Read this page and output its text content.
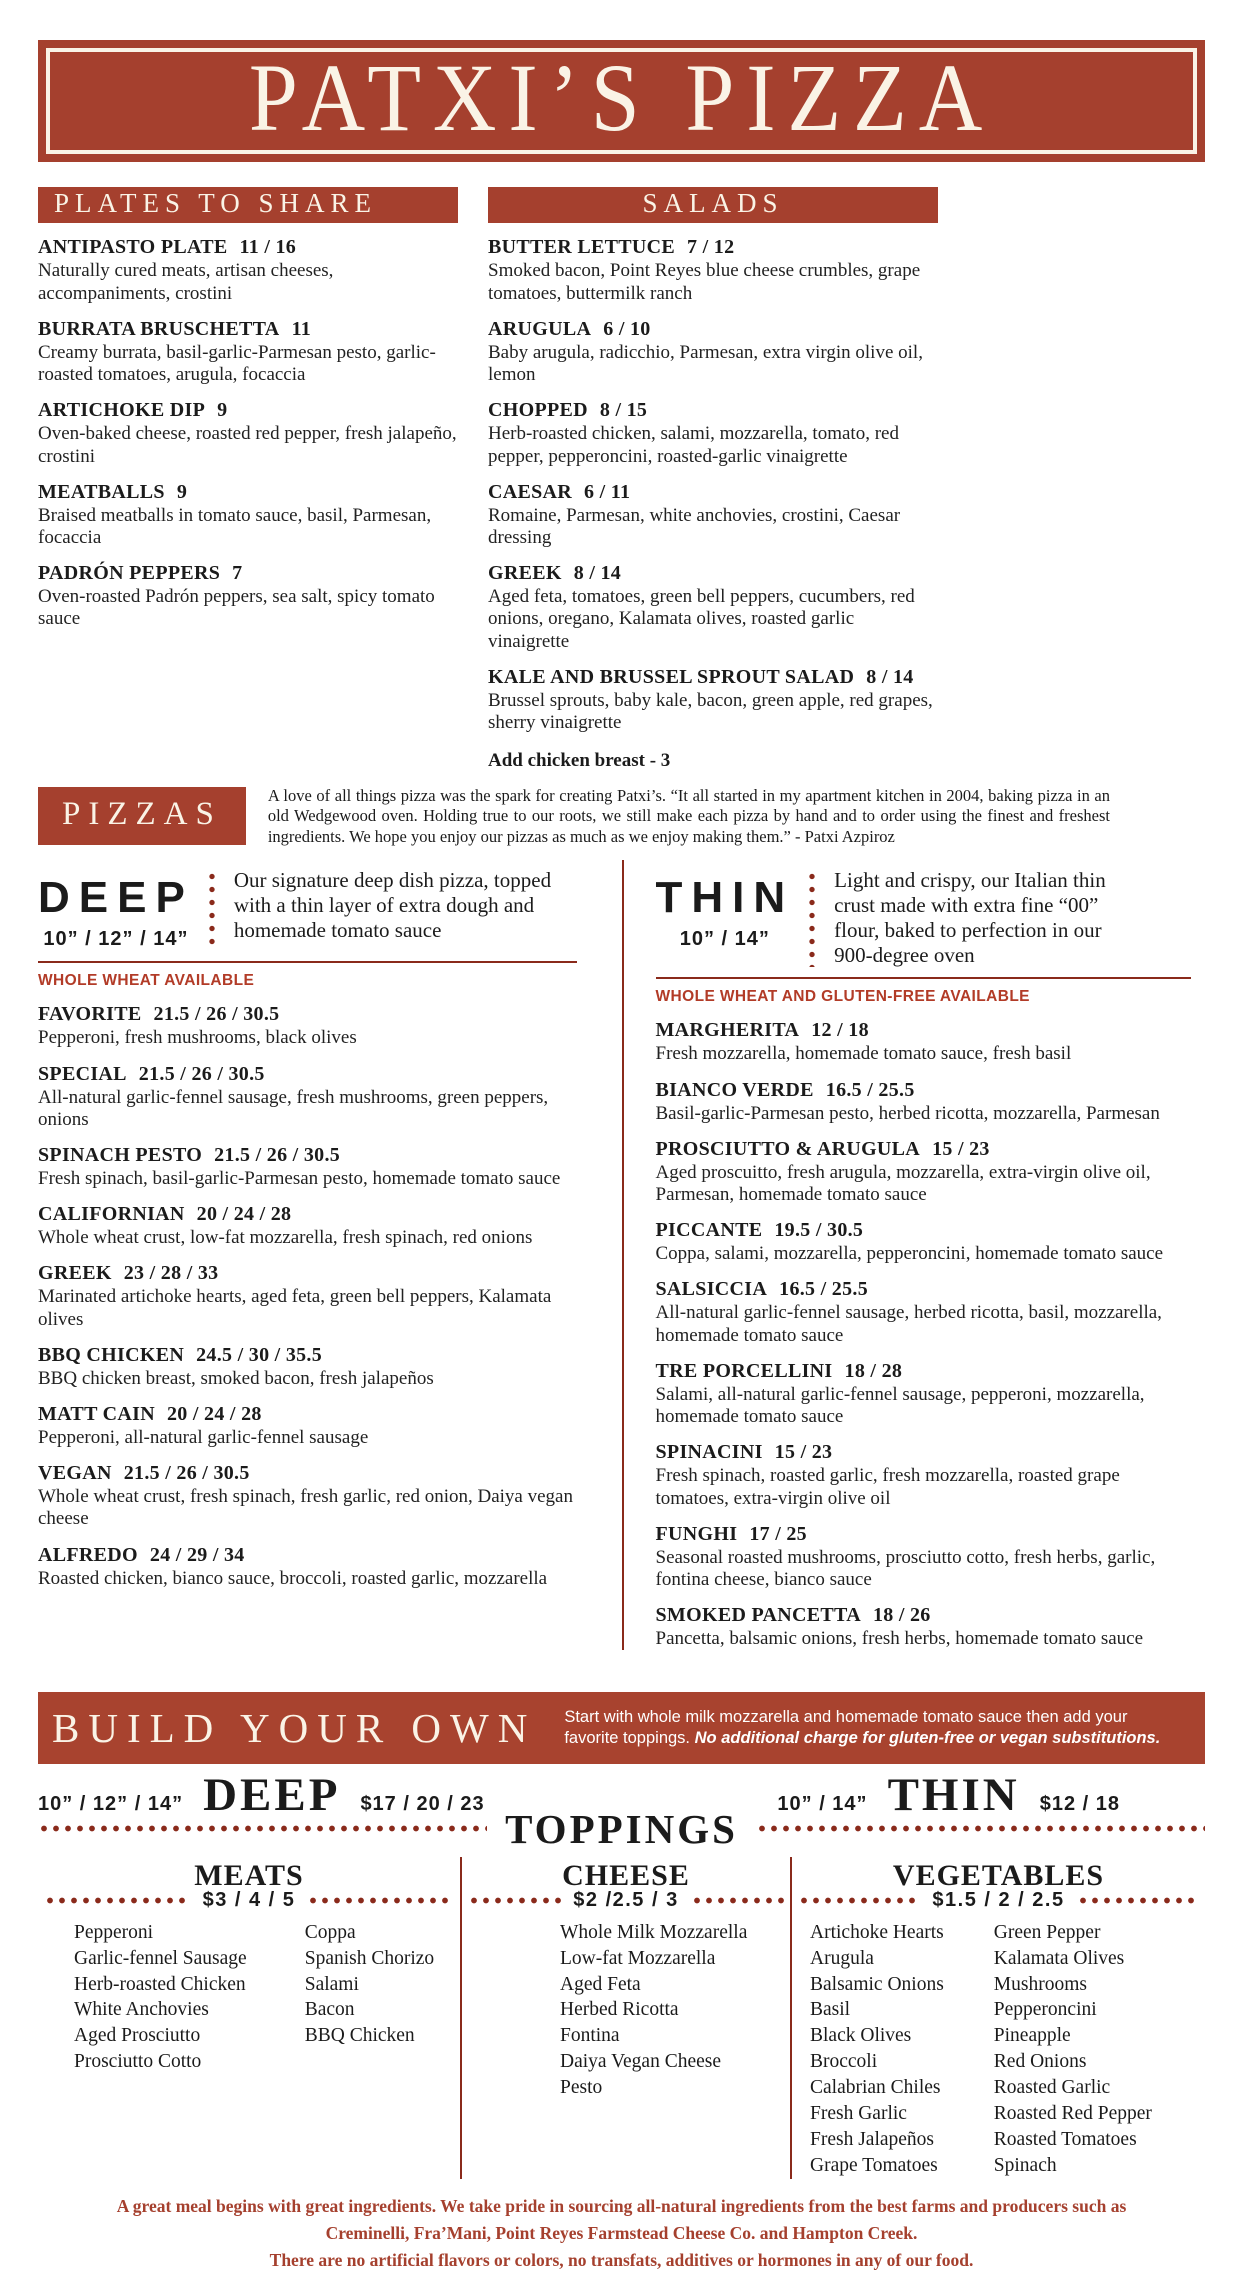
PATXI’S PIZZA
PLATES TO SHARE
ANTIPASTO PLATE 11 / 16
Naturally cured meats, artisan cheeses, accompaniments, crostini
BURRATA BRUSCHETTA 11
Creamy burrata, basil-garlic-Parmesan pesto, garlic-roasted tomatoes, arugula, focaccia
ARTICHOKE DIP 9
Oven-baked cheese, roasted red pepper, fresh jalapeño, crostini
MEATBALLS 9
Braised meatballs in tomato sauce, basil, Parmesan, focaccia
PADRÓN PEPPERS 7
Oven-roasted Padrón peppers, sea salt, spicy tomato sauce
SALADS
BUTTER LETTUCE 7 / 12
Smoked bacon, Point Reyes blue cheese crumbles, grape tomatoes, buttermilk ranch
ARUGULA 6 / 10
Baby arugula, radicchio, Parmesan, extra virgin olive oil, lemon
CHOPPED 8 / 15
Herb-roasted chicken, salami, mozzarella, tomato, red pepper, pepperoncini, roasted-garlic vinaigrette
CAESAR 6 / 11
Romaine, Parmesan, white anchovies, crostini, Caesar dressing
GREEK 8 / 14
Aged feta, tomatoes, green bell peppers, cucumbers, red onions, oregano, Kalamata olives, roasted garlic vinaigrette
KALE AND BRUSSEL SPROUT SALAD 8 / 14
Brussel sprouts, baby kale, bacon, green apple, red grapes, sherry vinaigrette
Add chicken breast - 3
PIZZAS

A love of all things pizza was the spark for creating Patxi’s. “It all started in my apartment kitchen in 2004, baking pizza in an old Wedgewood oven. Holding true to our roots, we still make each pizza by hand and to order using the finest and freshest ingredients. We hope you enjoy our pizzas as much as we enjoy making them.” - Patxi Azpiroz

DEEP
10” / 12” / 14”

Our signature deep dish pizza, topped with a thin layer of extra dough and homemade tomato sauce

WHOLE WHEAT AVAILABLE
FAVORITE 21.5 / 26 / 30.5
Pepperoni, fresh mushrooms, black olives
SPECIAL 21.5 / 26 / 30.5
All-natural garlic-fennel sausage, fresh mushrooms, green peppers, onions
SPINACH PESTO 21.5 / 26 / 30.5
Fresh spinach, basil-garlic-Parmesan pesto, homemade tomato sauce
CALIFORNIAN 20 / 24 / 28
Whole wheat crust, low-fat mozzarella, fresh spinach, red onions
GREEK 23 / 28 / 33
Marinated artichoke hearts, aged feta, green bell peppers, Kalamata olives
BBQ CHICKEN 24.5 / 30 / 35.5
BBQ chicken breast, smoked bacon, fresh jalapeños
MATT CAIN 20 / 24 / 28
Pepperoni, all-natural garlic-fennel sausage
VEGAN 21.5 / 26 / 30.5
Whole wheat crust, fresh spinach, fresh garlic, red onion, Daiya vegan cheese
ALFREDO 24 / 29 / 34
Roasted chicken, bianco sauce, broccoli, roasted garlic, mozzarella
THIN
10” / 14”

Light and crispy, our Italian thin crust made with extra fine “00” flour, baked to perfection in our 900-degree oven

WHOLE WHEAT AND GLUTEN-FREE AVAILABLE
MARGHERITA 12 / 18
Fresh mozzarella, homemade tomato sauce, fresh basil
BIANCO VERDE 16.5 / 25.5
Basil-garlic-Parmesan pesto, herbed ricotta, mozzarella, Parmesan
PROSCIUTTO & ARUGULA 15 / 23
Aged proscuitto, fresh arugula, mozzarella, extra-virgin olive oil, Parmesan, homemade tomato sauce
PICCANTE 19.5 / 30.5
Coppa, salami, mozzarella, pepperoncini, homemade tomato sauce
SALSICCIA 16.5 / 25.5
All-natural garlic-fennel sausage, herbed ricotta, basil, mozzarella, homemade tomato sauce
TRE PORCELLINI 18 / 28
Salami, all-natural garlic-fennel sausage, pepperoni, mozzarella, homemade tomato sauce
SPINACINI 15 / 23
Fresh spinach, roasted garlic, fresh mozzarella, roasted grape tomatoes, extra-virgin olive oil
FUNGHI 17 / 25
Seasonal roasted mushrooms, prosciutto cotto, fresh herbs, garlic, fontina cheese, bianco sauce
SMOKED PANCETTA 18 / 26
Pancetta, balsamic onions, fresh herbs, homemade tomato sauce
BUILD YOUR OWN	Start with whole milk mozzarella and homemade tomato sauce then add your favorite toppings. No additional charge for gluten-free or vegan substitutions.

10” / 12” / 14” DEEP $17 / 20 / 23	10” / 14” THIN $12 / 18
TOPPINGS
MEATS
$3 / 4 / 5
Pepperoni
Garlic-fennel Sausage
Herb-roasted Chicken
White Anchovies
Aged Prosciutto
Prosciutto Cotto
Coppa
Spanish Chorizo
Salami
Bacon
BBQ Chicken
CHEESE
$2 /2.5 / 3
Whole Milk Mozzarella
Low-fat Mozzarella
Aged Feta
Herbed Ricotta
Fontina
Daiya Vegan Cheese
Pesto
VEGETABLES
$1.5 / 2 / 2.5
Artichoke Hearts
Arugula
Balsamic Onions
Basil
Black Olives
Broccoli
Calabrian Chiles
Fresh Garlic
Fresh Jalapeños
Grape Tomatoes
Green Pepper
Kalamata Olives
Mushrooms
Pepperoncini
Pineapple
Red Onions
Roasted Garlic
Roasted Red Pepper
Roasted Tomatoes
Spinach
A great meal begins with great ingredients. We take pride in sourcing all-natural ingredients from the best farms and producers such as
Creminelli, Fra’Mani, Point Reyes Farmstead Cheese Co. and Hampton Creek.
There are no artificial flavors or colors, no transfats, additives or hormones in any of our food.
